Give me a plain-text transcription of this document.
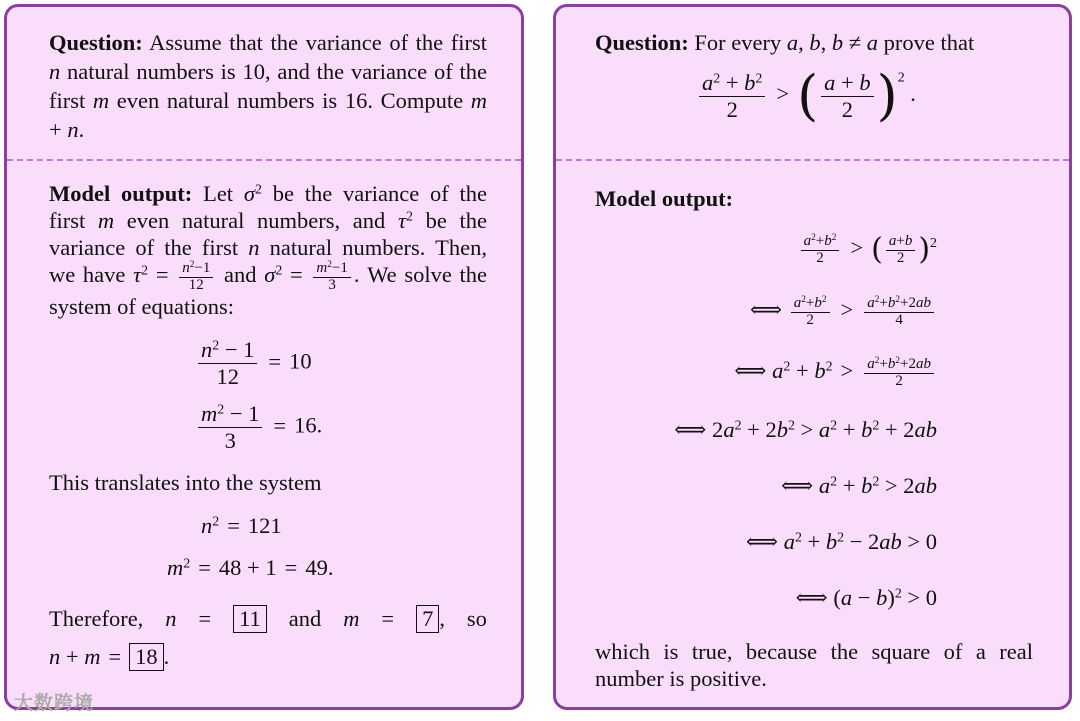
Question: Assume that the variance of the first n natural numbers is 10, and the variance of the first m even natural numbers is 16. Compute m + n.
Model output: Let $\sigma^2$ be the variance of the first m even natural numbers, and $\tau^2$ be the variance of the first n natural numbers. Then, we have $\tau^2 = \frac{n^2-1}{12}$ and $\sigma^2 = \frac{m^2-1}{3}$ . We solve the system of equations:
$\frac{n^2 - 1}{12} = 10$
$\frac{m^2 - 1}{3} = 16$.
This translates into the system
$n^2 = 121$
$m^2 = 48 + 1 = 49$.
Therefore, n = 11 and m = 7 , so
n + m = 18 .
Question: For every a, b, b ≠ a prove that
$\frac{a^2 + b^2}{2}$ > ( $\frac{a + b}{2} )^2$ .
Model output:
$\frac{a^2+b^2}{2}$ > ( $\frac{a+b}{2} )^2$
⟺ $\frac{a^2+b^2}{2} > \frac{a^2+b^2+2ab}{4}$
⟺ $a^2 + b^2 > \frac{a^2+b^2+2ab}{2}$
⟺ $2a^2 + 2b^2 > a^2 + b^2 + 2ab$
⟺ $a^2 + b^2 > 2ab$
⟺ $a^2 + b^2 - 2ab > 0$
⟺ $(a - b)^2 > 0$
which is true, because the square of a real number is positive.
大数跨境
